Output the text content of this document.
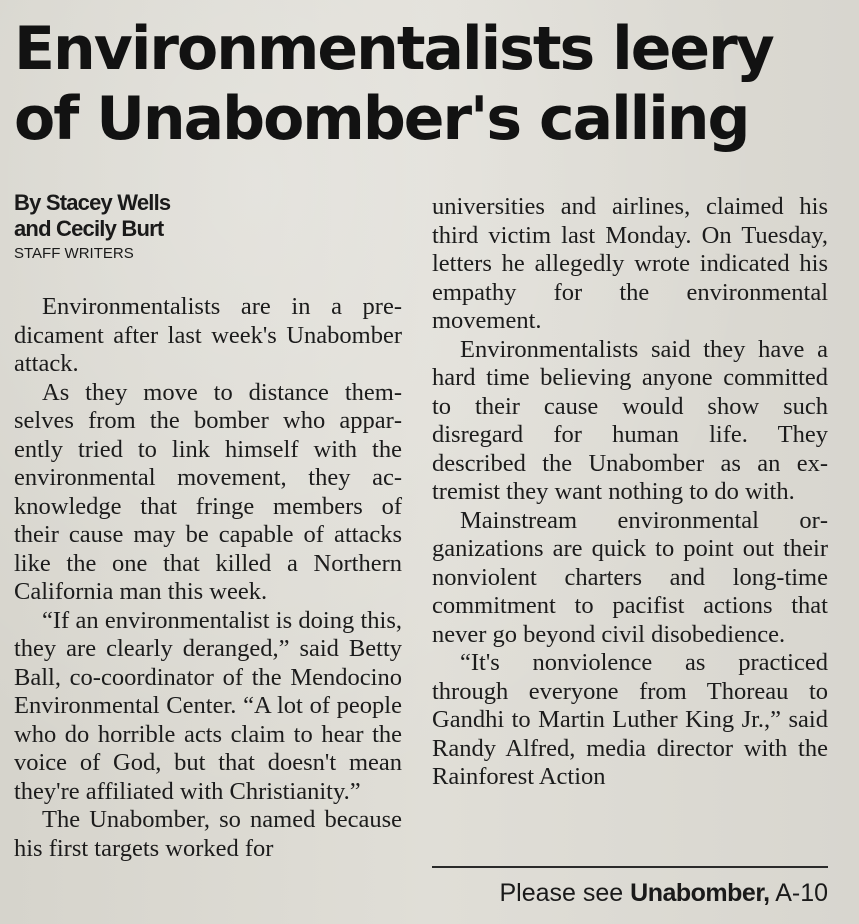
Environmentalists leery
of Unabomber's calling
By Stacey Wells
and Cecily Burt
STAFF WRITERS

Environmentalists are in a predicament after last week's Unabomber attack.

As they move to distance themselves from the bomber who apparently tried to link himself with the environmental movement, they acknowledge that fringe members of their cause may be capable of attacks like the one that killed a Northern California man this week.

“If an environmentalist is doing this, they are clearly deranged,” said Betty Ball, co-coordinator of the Mendocino Environmental Center. “A lot of people who do horrible acts claim to hear the voice of God, but that doesn't mean they're affiliated with Christianity.”

The Unabomber, so named because his first targets worked for

universities and airlines, claimed his third victim last Monday. On Tuesday, letters he allegedly wrote indicated his empathy for the environmental movement.

Environmentalists said they have a hard time believing anyone committed to their cause would show such disregard for human life. They described the Unabomber as an extremist they want nothing to do with.

Mainstream environmental organizations are quick to point out their nonviolent charters and long-time commitment to pacifist actions that never go beyond civil disobedience.

“It's nonviolence as practiced through everyone from Thoreau to Gandhi to Martin Luther King Jr.,” said Randy Alfred, media director with the Rainforest Action

Please see Unabomber, A-10
